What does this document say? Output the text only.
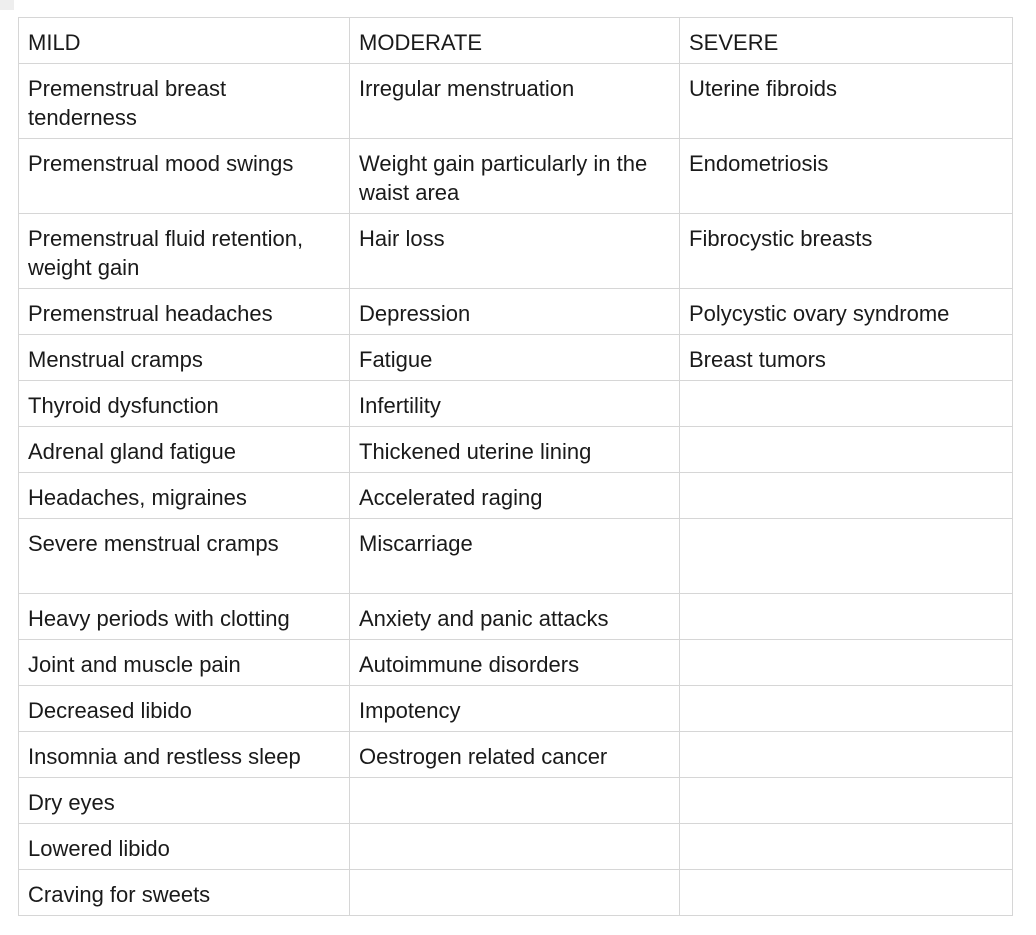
MILD	MODERATE	SEVERE
Premenstrual breast tenderness	Irregular menstruation	Uterine fibroids
Premenstrual mood swings	Weight gain particularly in the waist area	Endometriosis
Premenstrual fluid retention, weight gain	Hair loss	Fibrocystic breasts
Premenstrual headaches	Depression	Polycystic ovary syndrome
Menstrual cramps	Fatigue	Breast tumors
Thyroid dysfunction	Infertility	
Adrenal gland fatigue	Thickened uterine lining	
Headaches, migraines	Accelerated raging	
Severe menstrual cramps	Miscarriage	
Heavy periods with clotting	Anxiety and panic attacks	
Joint and muscle pain	Autoimmune disorders	
Decreased libido	Impotency	
Insomnia and restless sleep	Oestrogen related cancer	
Dry eyes		
Lowered libido		
Craving for sweets		
